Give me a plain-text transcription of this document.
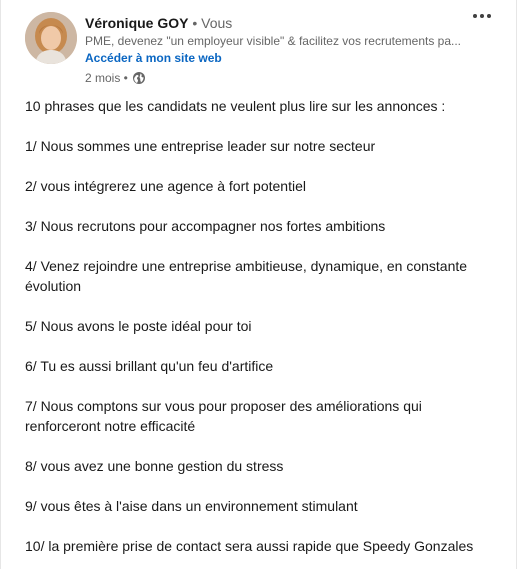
Véronique GOY • Vous
PME, devenez "un employeur visible" & facilitez vos recrutements pa...
Accéder à mon site web
2 mois •

10 phrases que les candidats ne veulent plus lire sur les annonces :

1/ Nous sommes une entreprise leader sur notre secteur

2/ vous intégrerez une agence à fort potentiel

3/ Nous recrutons pour accompagner nos fortes ambitions

4/ Venez rejoindre une entreprise ambitieuse, dynamique, en constante évolution

5/ Nous avons le poste idéal pour toi

6/ Tu es aussi brillant qu'un feu d'artifice

7/ Nous comptons sur vous pour proposer des améliorations qui renforceront notre efficacité

8/ vous avez une bonne gestion du stress

9/ vous êtes à l'aise dans un environnement stimulant

10/ la première prise de contact sera aussi rapide que Speedy Gonzales
